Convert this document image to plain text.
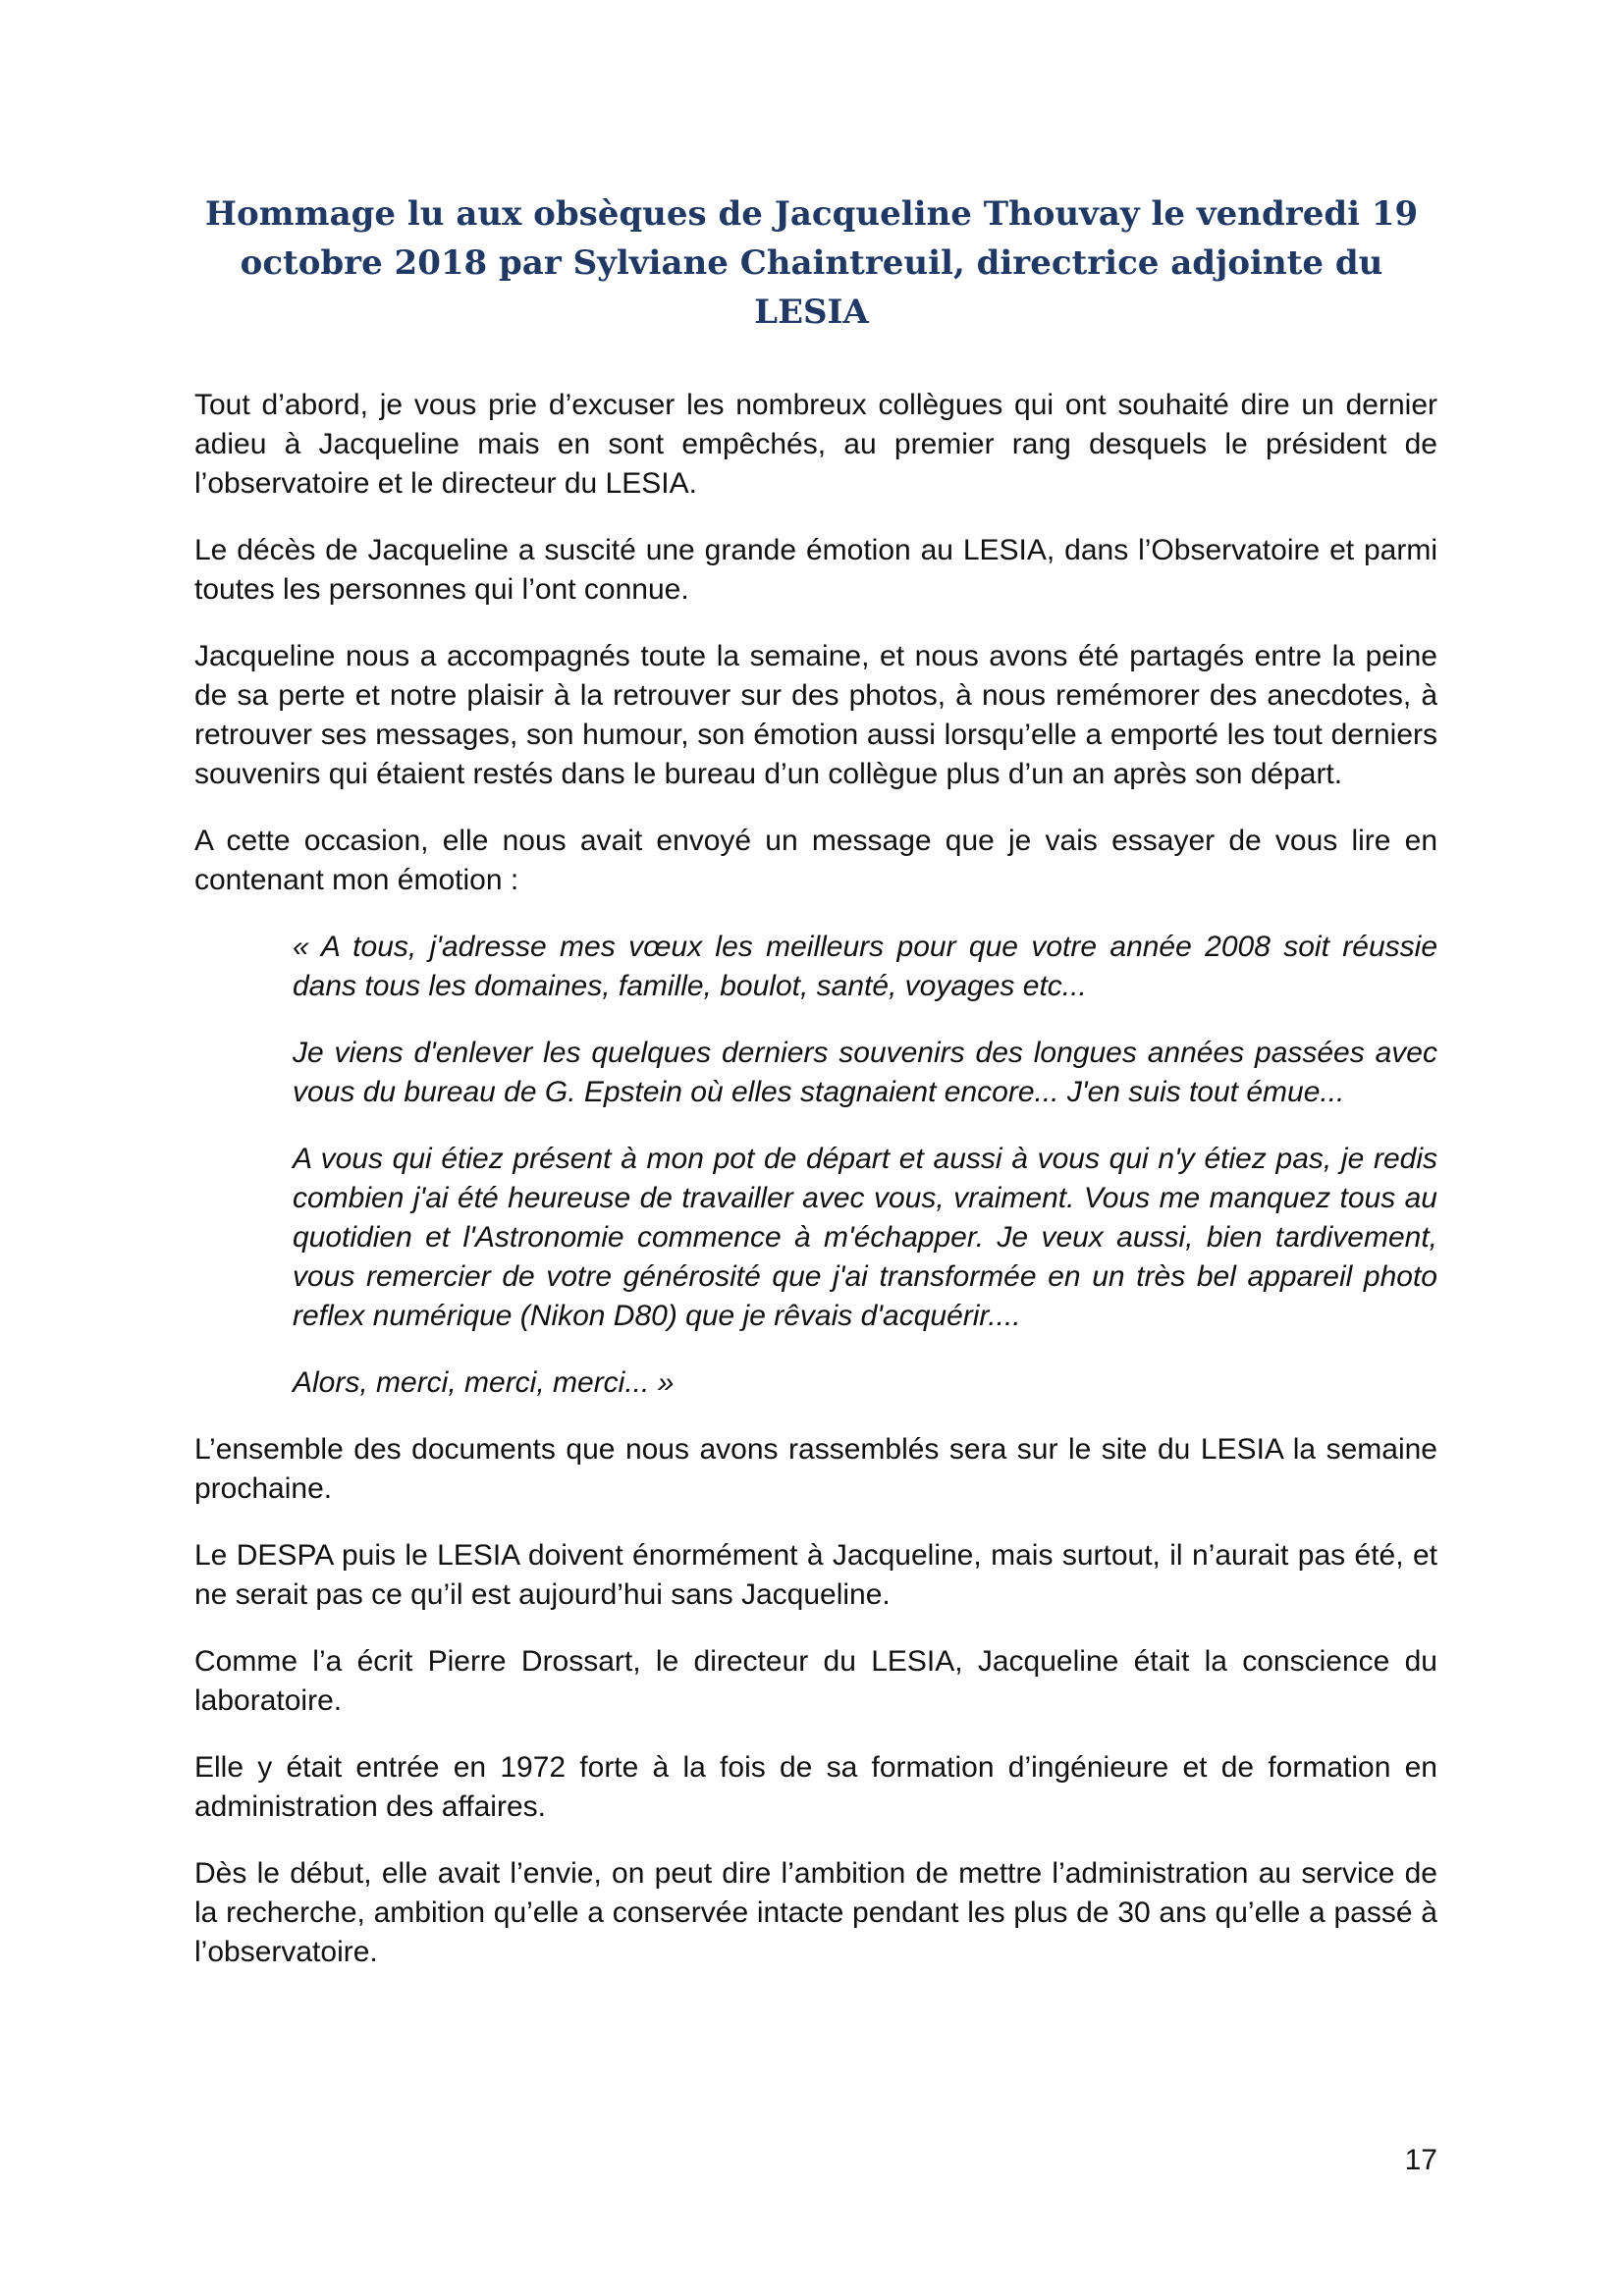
Hommage lu aux obsèques de Jacqueline Thouvay le vendredi 19 octobre 2018 par Sylviane Chaintreuil, directrice adjointe du LESIA

Tout d’abord, je vous prie d’excuser les nombreux collègues qui ont souhaité dire un dernier adieu à Jacqueline mais en sont empêchés, au premier rang desquels le président de l’observatoire et le directeur du LESIA.

Le décès de Jacqueline a suscité une grande émotion au LESIA, dans l’Observatoire et parmi toutes les personnes qui l’ont connue.

Jacqueline nous a accompagnés toute la semaine, et nous avons été partagés entre la peine de sa perte et notre plaisir à la retrouver sur des photos, à nous remémorer des anecdotes, à retrouver ses messages, son humour, son émotion aussi lorsqu’elle a emporté les tout derniers souvenirs qui étaient restés dans le bureau d’un collègue plus d’un an après son départ.

A cette occasion, elle nous avait envoyé un message que je vais essayer de vous lire en contenant mon émotion :

« A tous, j'adresse mes vœux les meilleurs pour que votre année 2008 soit réussie dans tous les domaines, famille, boulot, santé, voyages etc...

Je viens d'enlever les quelques derniers souvenirs des longues années passées avec vous du bureau de G. Epstein où elles stagnaient encore... J'en suis tout émue...

A vous qui étiez présent à mon pot de départ et aussi à vous qui n'y étiez pas, je redis combien j'ai été heureuse de travailler avec vous, vraiment. Vous me manquez tous au quotidien et l'Astronomie commence à m'échapper. Je veux aussi, bien tardivement, vous remercier de votre générosité que j'ai transformée en un très bel appareil photo reflex numérique (Nikon D80) que je rêvais d'acquérir....

Alors, merci, merci, merci... »

L’ensemble des documents que nous avons rassemblés sera sur le site du LESIA la semaine prochaine.

Le DESPA puis le LESIA doivent énormément à Jacqueline, mais surtout, il n’aurait pas été, et ne serait pas ce qu’il est aujourd’hui sans Jacqueline.

Comme l’a écrit Pierre Drossart, le directeur du LESIA, Jacqueline était la conscience du laboratoire.

Elle y était entrée en 1972 forte à la fois de sa formation d’ingénieure et de formation en administration des affaires.

Dès le début, elle avait l’envie, on peut dire l’ambition de mettre l’administration au service de la recherche, ambition qu’elle a conservée intacte pendant les plus de 30 ans qu’elle a passé à l’observatoire.

17
